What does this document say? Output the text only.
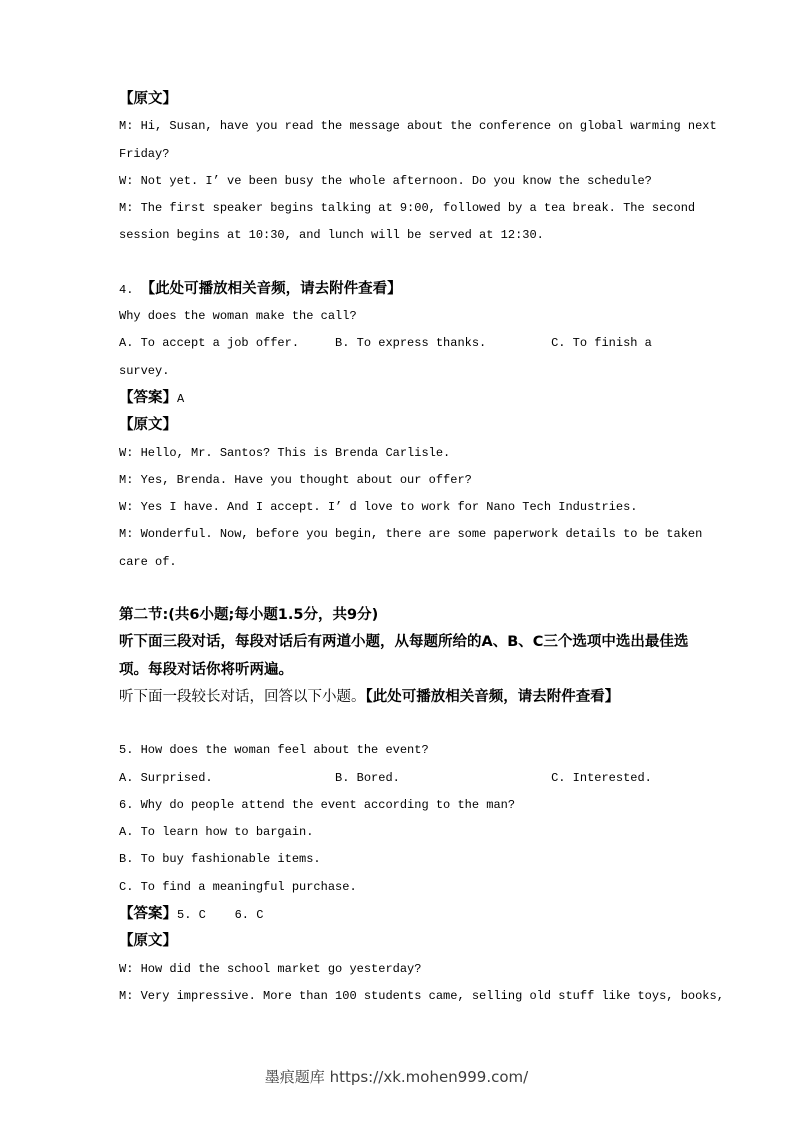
【原文】
M: Hi, Susan, have you read the message about the conference on global warming next
Friday?
W: Not yet. I’ ve been busy the whole afternoon. Do you know the schedule?
M: The first speaker begins talking at 9:00, followed by a tea break. The second
session begins at 10:30, and lunch will be served at 12:30.
4. 【此处可播放相关音频，请去附件查看】
Why does the woman make the call?
A. To accept a job offer.     B. To express thanks.         C. To finish a
survey.
【答案】A
【原文】
W: Hello, Mr. Santos? This is Brenda Carlisle.
M: Yes, Brenda. Have you thought about our offer?
W: Yes I have. And I accept. I’ d love to work for Nano Tech Industries.
M: Wonderful. Now, before you begin, there are some paperwork details to be taken
care of.
第二节:(共6小题;每小题1.5分，共9分)
听下面三段对话，每段对话后有两道小题，从每题所给的A、B、C三个选项中选出最佳选
项。每段对话你将听两遍。
听下面一段较长对话，回答以下小题。【此处可播放相关音频，请去附件查看】
5. How does the woman feel about the event?
A. Surprised.                 B. Bored.                     C. Interested.
6. Why do people attend the event according to the man?
A. To learn how to bargain.
B. To buy fashionable items.
C. To find a meaningful purchase.
【答案】5. C    6. C
【原文】
W: How did the school market go yesterday?
M: Very impressive. More than 100 students came, selling old stuff like toys, books,
墨痕题库 https://xk.mohen999.com/
